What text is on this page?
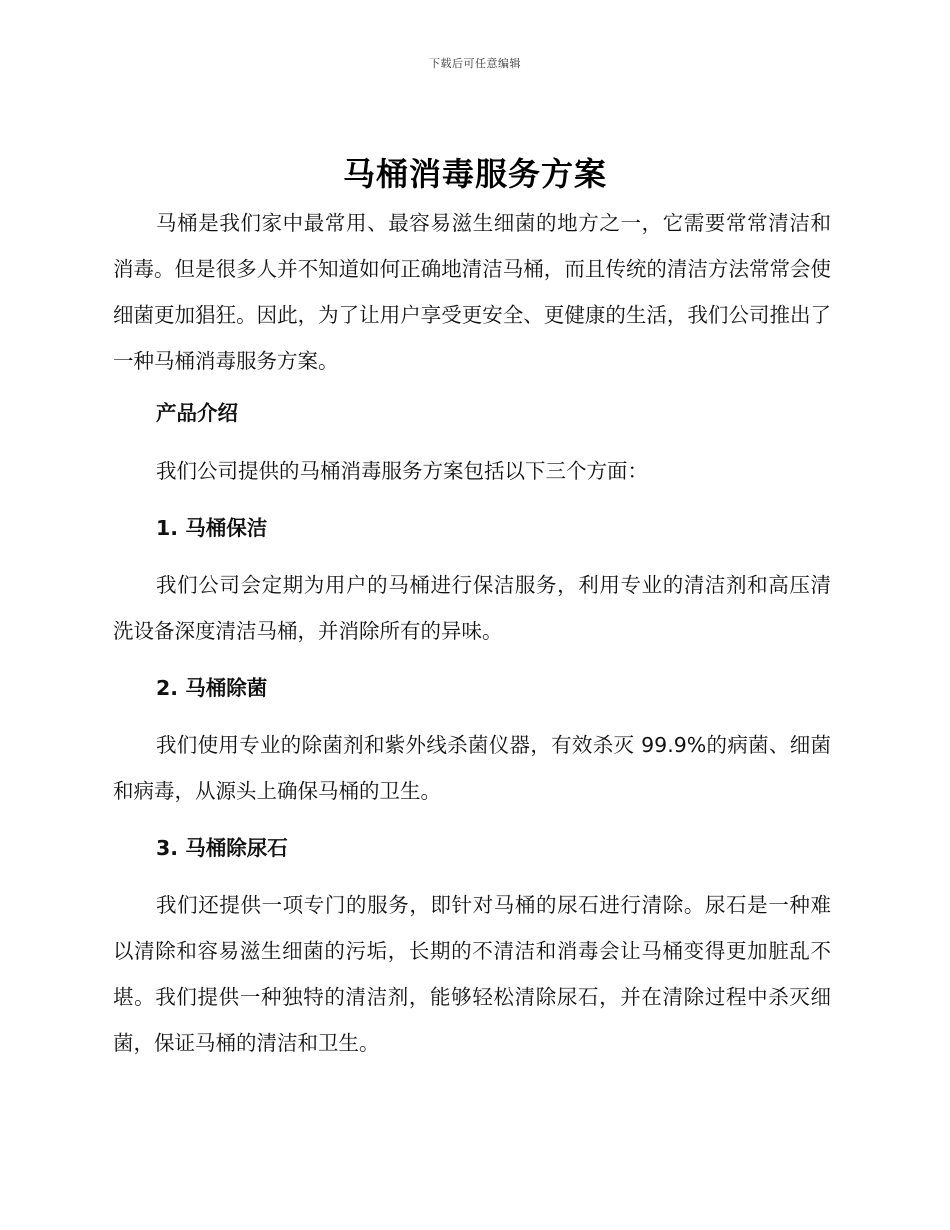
下载后可任意编辑
马桶消毒服务方案

马桶是我们家中最常用、最容易滋生细菌的地方之一，它需要常常清洁和消毒。但是很多人并不知道如何正确地清洁马桶，而且传统的清洁方法常常会使细菌更加猖狂。因此，为了让用户享受更安全、更健康的生活，我们公司推出了一种马桶消毒服务方案。

产品介绍

我们公司提供的马桶消毒服务方案包括以下三个方面：

1. 马桶保洁

我们公司会定期为用户的马桶进行保洁服务，利用专业的清洁剂和高压清洗设备深度清洁马桶，并消除所有的异味。

2. 马桶除菌

我们使用专业的除菌剂和紫外线杀菌仪器，有效杀灭 99.9%的病菌、细菌和病毒，从源头上确保马桶的卫生。

3. 马桶除尿石

我们还提供一项专门的服务，即针对马桶的尿石进行清除。尿石是一种难以清除和容易滋生细菌的污垢，长期的不清洁和消毒会让马桶变得更加脏乱不堪。我们提供一种独特的清洁剂，能够轻松清除尿石，并在清除过程中杀灭细菌，保证马桶的清洁和卫生。
